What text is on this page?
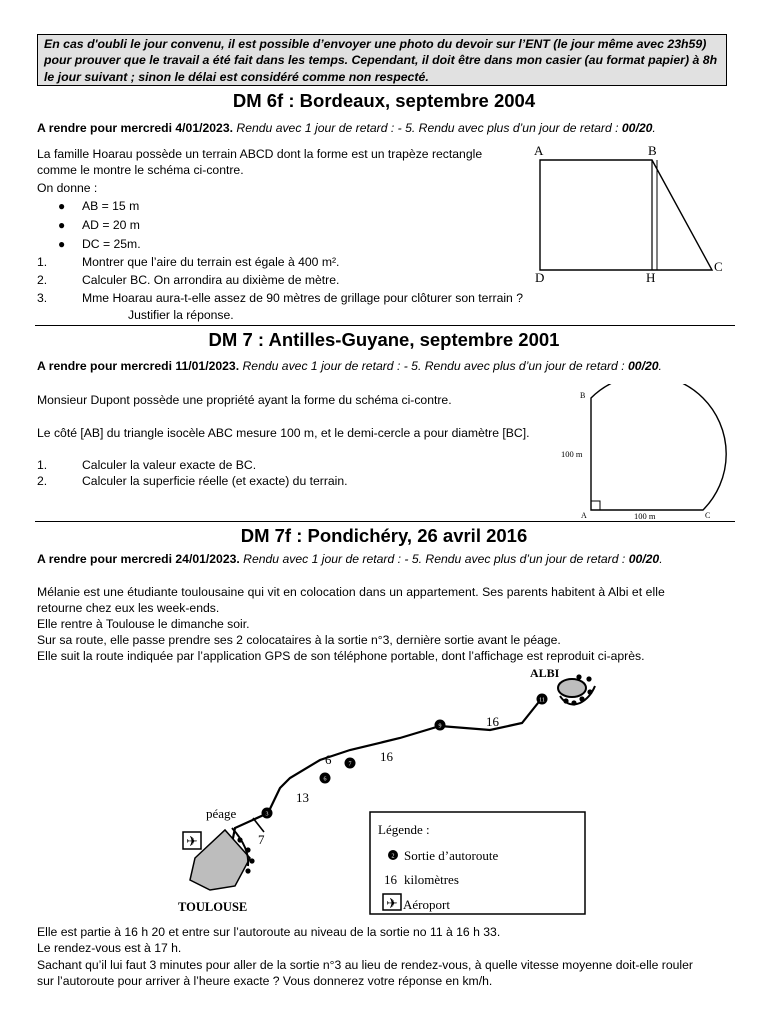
En cas d'oubli le jour convenu, il est possible d’envoyer une photo du devoir sur l’ENT (le jour même avec 23h59) pour prouver que le travail a été fait dans les temps. Cependant, il doit être dans mon casier (au format papier) à 8h le jour suivant ; sinon le délai est considéré comme non respecté.
DM 6f : Bordeaux, septembre 2004
A rendre pour mercredi 4/01/2023. Rendu avec 1 jour de retard : - 5. Rendu avec plus d’un jour de retard : 00/20.
La famille Hoarau possède un terrain ABCD dont la forme est un trapèze rectangle
comme le montre le schéma ci-contre.
On donne :
● AB = 15 m
● AD = 20 m
● DC = 25m.
1.	Montrer que l’aire du terrain est égale à 400 m².
2.	Calculer BC. On arrondira au dixième de mètre.
3.	Mme Hoarau aura-t-elle assez de 90 mètres de grillage pour clôturer son terrain ?
Justifier la réponse.
A	B
C
D	H
DM 7 : Antilles-Guyane, septembre 2001
A rendre pour mercredi 11/01/2023. Rendu avec 1 jour de retard : - 5. Rendu avec plus d’un jour de retard : 00/20.
Monsieur Dupont possède une propriété ayant la forme du schéma ci-contre.
Le côté [AB] du triangle isocèle ABC mesure 100 m, et le demi-cercle a pour diamètre [BC].
1.	Calculer la valeur exacte de BC.
2.	Calculer la superficie réelle (et exacte) du terrain.
B
A	C
100 m
100 m
DM 7f : Pondichéry, 26 avril 2016
A rendre pour mercredi 24/01/2023. Rendu avec 1 jour de retard : - 5. Rendu avec plus d’un jour de retard : 00/20.
Mélanie est une étudiante toulousaine qui vit en colocation dans un appartement. Ses parents habitent à Albi et elle
retourne chez eux les week-ends.
Elle rentre à Toulouse le dimanche soir.
Sur sa route, elle passe prendre ses 2 colocataires à la sortie n°3, dernière sortie avant le péage.
Elle suit la route indiquée par l’application GPS de son téléphone portable, dont l’affichage est reproduit ci-après.
ALBI
11
9
7
6
3
16
16
6
13
7
péage
TOULOUSE
✈
Légende :
2 Sortie d’autoroute
16 kilomètres
✈ Aéroport
Elle est partie à 16 h 20 et entre sur l’autoroute au niveau de la sortie no 11 à 16 h 33.
Le rendez-vous est à 17 h.
Sachant qu’il lui faut 3 minutes pour aller de la sortie n°3 au lieu de rendez-vous, à quelle vitesse moyenne doit-elle rouler
sur l’autoroute pour arriver à l’heure exacte ? Vous donnerez votre réponse en km/h.
